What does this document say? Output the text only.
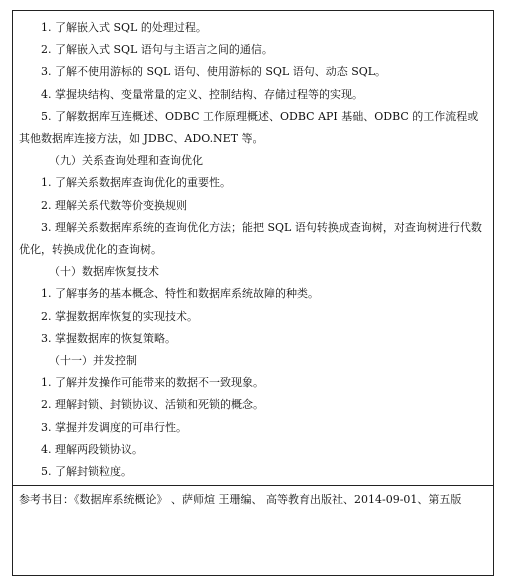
1. 了解嵌入式 SQL 的处理过程。
2. 了解嵌入式 SQL 语句与主语言之间的通信。
3. 了解不使用游标的 SQL 语句、使用游标的 SQL 语句、动态 SQL。
4. 掌握块结构、变量常量的定义、控制结构、存储过程等的实现。
5. 了解数据库互连概述、ODBC 工作原理概述、ODBC API 基础、ODBC 的工作流程或其他数据库连接方法，如 JDBC、ADO.NET 等。
（九）关系查询处理和查询优化
1. 了解关系数据库查询优化的重要性。
2. 理解关系代数等价变换规则
3. 理解关系数据库系统的查询优化方法；能把 SQL 语句转换成查询树，对查询树进行代数优化，转换成优化的查询树。
（十）数据库恢复技术
1. 了解事务的基本概念、特性和数据库系统故障的种类。
2. 掌握数据库恢复的实现技术。
3. 掌握数据库的恢复策略。
（十一）并发控制
1. 了解并发操作可能带来的数据不一致现象。
2. 理解封锁、封锁协议、活锁和死锁的概念。
3. 掌握并发调度的可串行性。
4. 理解两段锁协议。
5. 了解封锁粒度。
参考书目：《数据库系统概论》 、萨师煊 王珊编、 高等教育出版社、2014-09-01、第五版
